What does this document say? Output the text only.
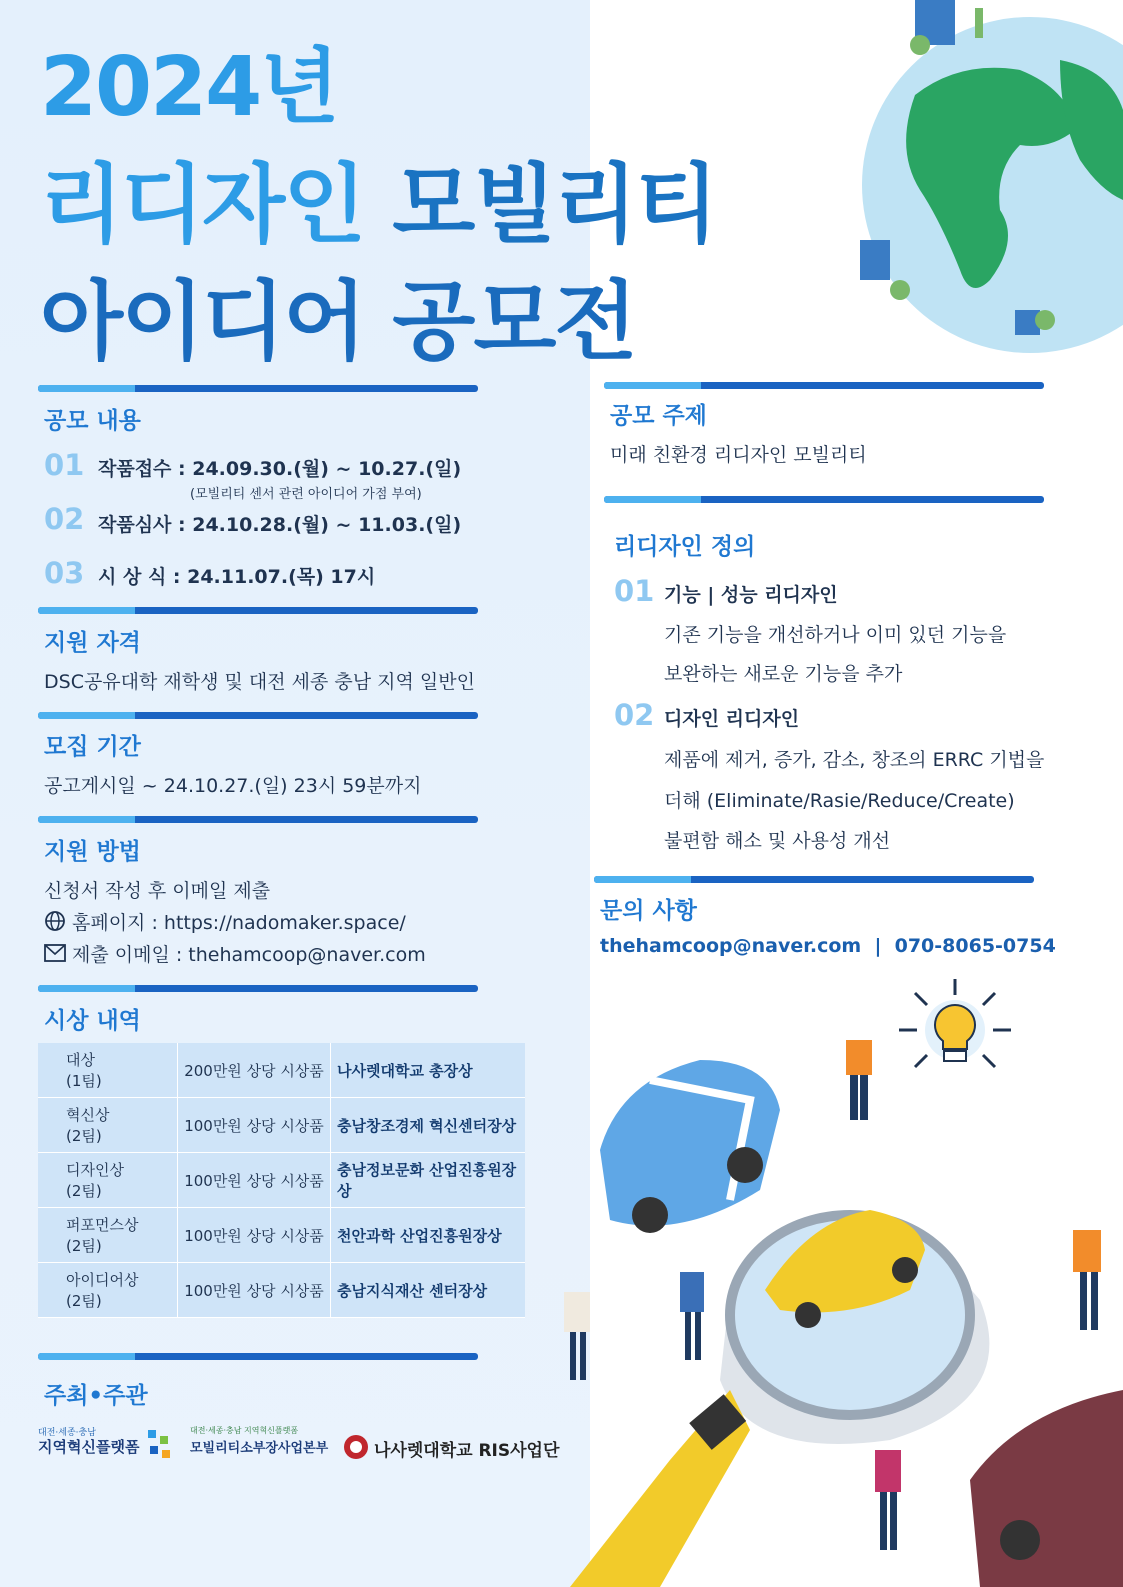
2024년
리디자인 모빌리티
아이디어 공모전

공모 내용

01 작품접수 : 24.09.30.(월) ~ 10.27.(일)

(모빌리티 센서 관련 아이디어 가점 부여)

02 작품심사 : 24.10.28.(월) ~ 11.03.(일)

03 시 상 식 : 24.11.07.(목) 17시

지원 자격

DSC공유대학 재학생 및 대전 세종 충남 지역 일반인

모집 기간

공고게시일 ~ 24.10.27.(일) 23시 59분까지

지원 방법

신청서 작성 후 이메일 제출

홈페이지 : https://nadomaker.space/

제출 이메일 : thehamcoop@naver.com

시상 내역

대상
(1팀)	200만원 상당 시상품	나사렛대학교 총장상
혁신상
(2팀)	100만원 상당 시상품	충남창조경제 혁신센터장상
디자인상
(2팀)	100만원 상당 시상품	충남정보문화 산업진흥원장상
퍼포먼스상
(2팀)	100만원 상당 시상품	천안과학 산업진흥원장상
아이디어상
(2팀)	100만원 상당 시상품	충남지식재산 센터장상

주최•주관

대전·세종·충남
지역혁신플랫폼
대전·세종·충남 지역혁신플랫폼
모빌리티소부장사업본부	나사렛대학교 RIS사업단

공모 주제

미래 친환경 리디자인 모빌리티

리디자인 정의

01 기능 | 성능 리디자인

기존 기능을 개선하거나 이미 있던 기능을

보완하는 새로운 기능을 추가

02 디자인 리디자인

제품에 제거, 증가, 감소, 창조의 ERRC 기법을

더해 (Eliminate/Rasie/Reduce/Create)

불편함 해소 및 사용성 개선

문의 사항

thehamcoop@naver.com  |  070-8065-0754
